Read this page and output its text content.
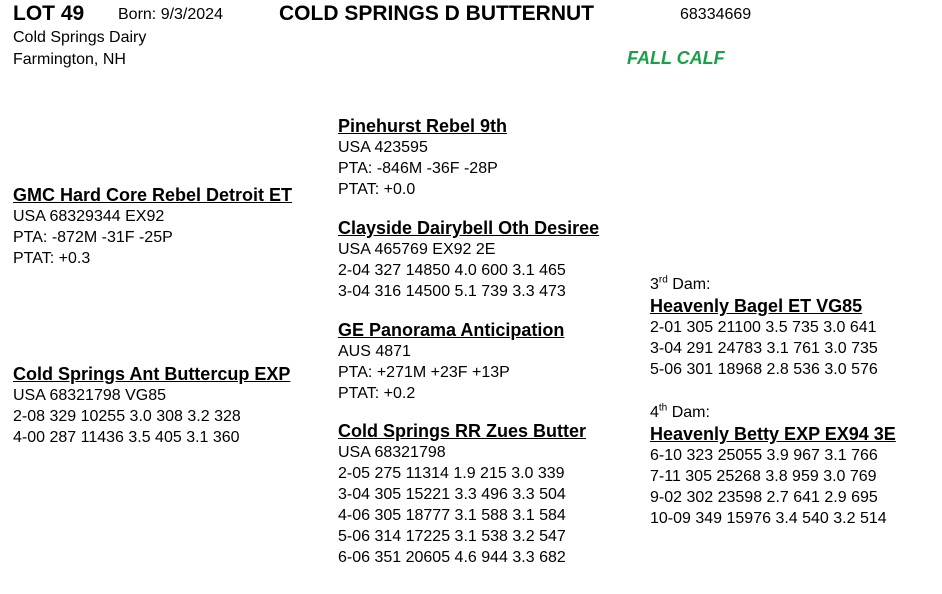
LOT 49 Born: 9/3/2024	COLD SPRINGS D BUTTERNUT	68334669
Cold Springs Dairy
Farmington, NH	FALL CALF
GMC Hard Core Rebel Detroit ET
USA 68329344 EX92
PTA: -872M -31F -25P
PTAT: +0.3
Cold Springs Ant Buttercup EXP
USA 68321798 VG85
2-08 329 10255 3.0 308 3.2 328
4-00 287 11436 3.5 405 3.1 360
Pinehurst Rebel 9th
USA 423595
PTA: -846M -36F -28P
PTAT: +0.0
Clayside Dairybell Oth Desiree
USA 465769 EX92 2E
2-04 327 14850 4.0 600 3.1 465
3-04 316 14500 5.1 739 3.3 473
GE Panorama Anticipation
AUS 4871
PTA: +271M +23F +13P
PTAT: +0.2
Cold Springs RR Zues Butter
USA 68321798
2-05 275 11314 1.9 215 3.0 339
3-04 305 15221 3.3 496 3.3 504
4-06 305 18777 3.1 588 3.1 584
5-06 314 17225 3.1 538 3.2 547
6-06 351 20605 4.6 944 3.3 682
3rd Dam:
Heavenly Bagel ET VG85
2-01 305 21100 3.5 735 3.0 641
3-04 291 24783 3.1 761 3.0 735
5-06 301 18968 2.8 536 3.0 576
4th Dam:
Heavenly Betty EXP EX94 3E
6-10 323 25055 3.9 967 3.1 766
7-11 305 25268 3.8 959 3.0 769
9-02 302 23598 2.7 641 2.9 695
10-09 349 15976 3.4 540 3.2 514
